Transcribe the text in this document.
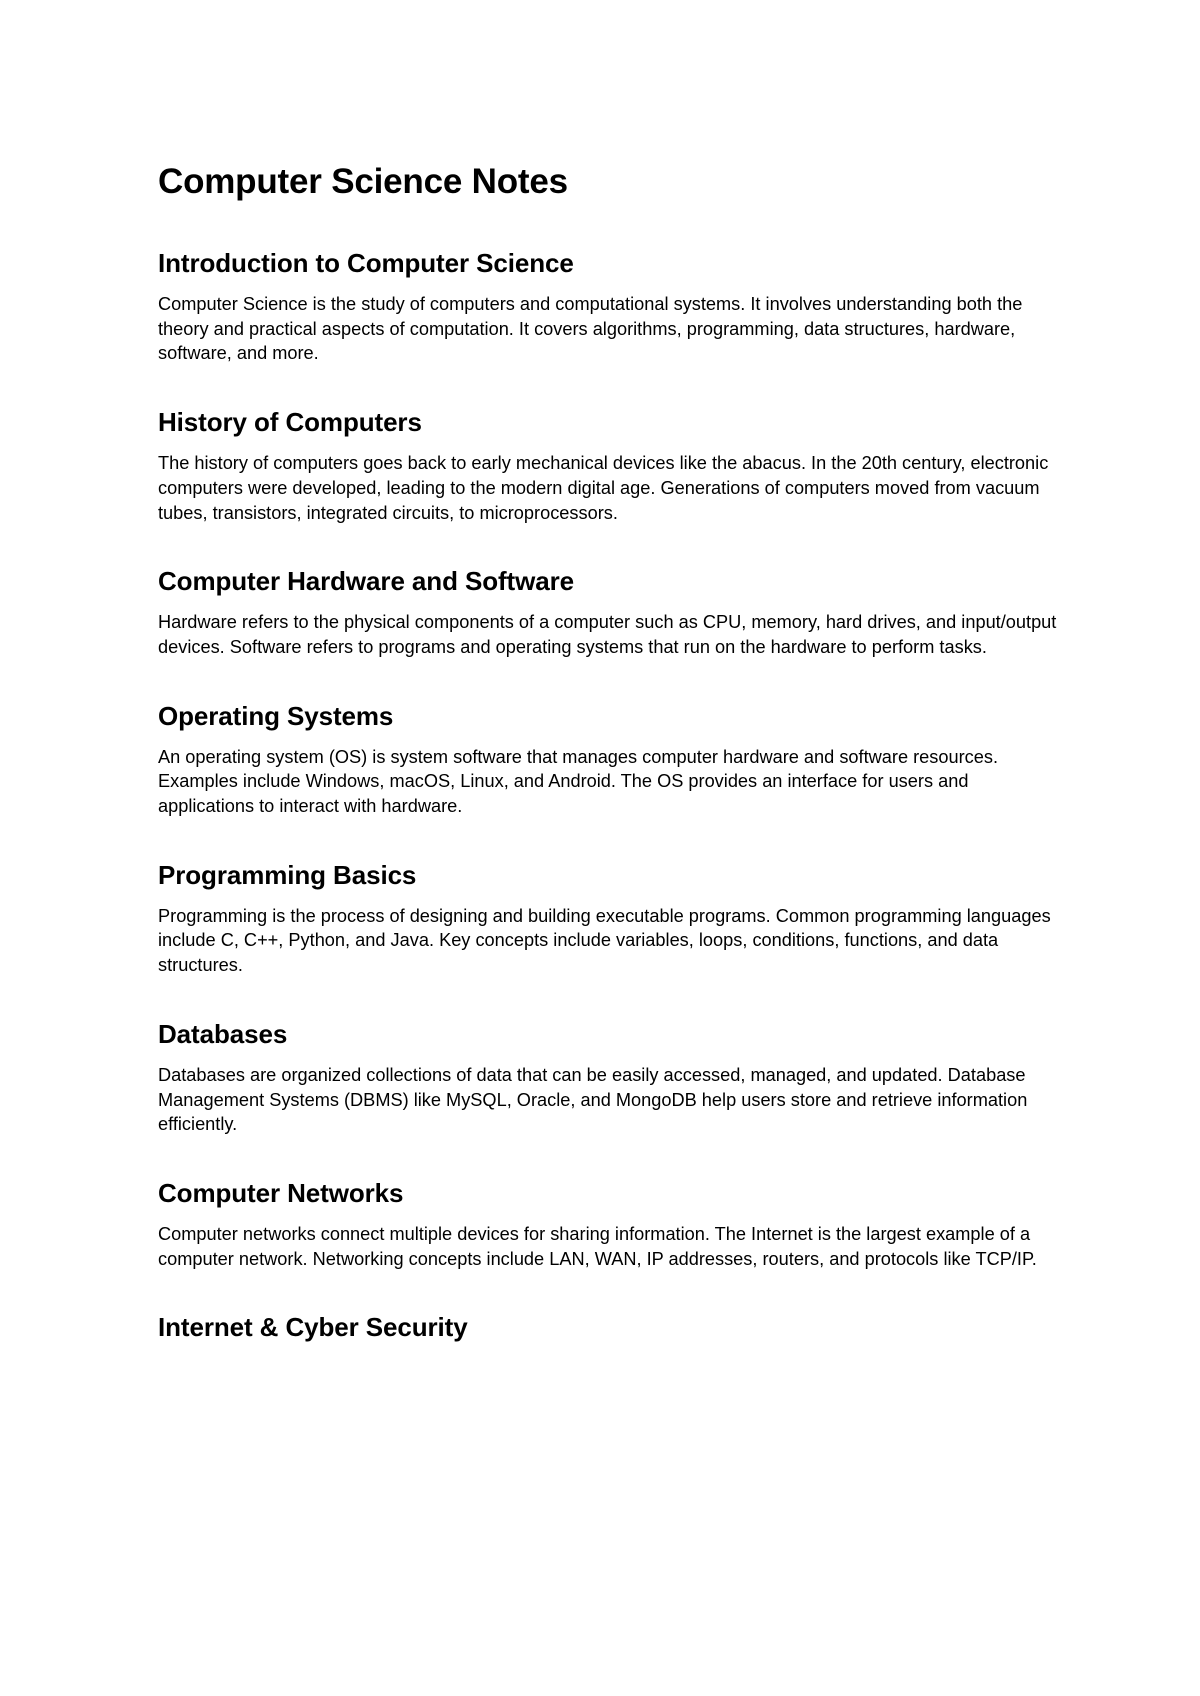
Computer Science Notes
Introduction to Computer Science

Computer Science is the study of computers and computational systems. It involves understanding both the theory and practical aspects of computation. It covers algorithms, programming, data structures, hardware, software, and more.

History of Computers

The history of computers goes back to early mechanical devices like the abacus. In the 20th century, electronic computers were developed, leading to the modern digital age. Generations of computers moved from vacuum tubes, transistors, integrated circuits, to microprocessors.

Computer Hardware and Software

Hardware refers to the physical components of a computer such as CPU, memory, hard drives, and input/output devices. Software refers to programs and operating systems that run on the hardware to perform tasks.

Operating Systems

An operating system (OS) is system software that manages computer hardware and software resources. Examples include Windows, macOS, Linux, and Android. The OS provides an interface for users and applications to interact with hardware.

Programming Basics

Programming is the process of designing and building executable programs. Common programming languages include C, C++, Python, and Java. Key concepts include variables, loops, conditions, functions, and data structures.

Databases

Databases are organized collections of data that can be easily accessed, managed, and updated. Database Management Systems (DBMS) like MySQL, Oracle, and MongoDB help users store and retrieve information efficiently.

Computer Networks

Computer networks connect multiple devices for sharing information. The Internet is the largest example of a computer network. Networking concepts include LAN, WAN, IP addresses, routers, and protocols like TCP/IP.

Internet & Cyber Security
